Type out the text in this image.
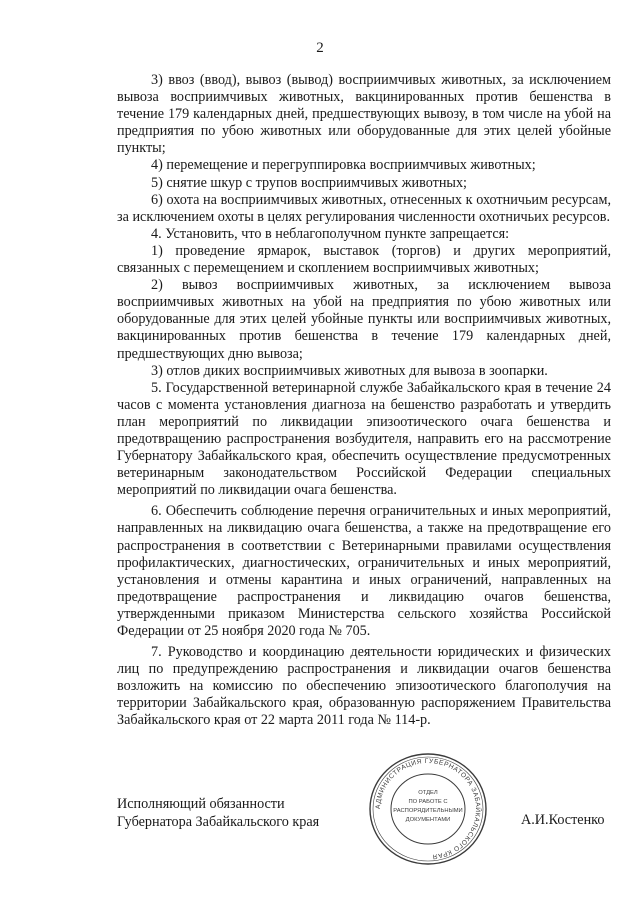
2

3) ввоз (ввод), вывоз (вывод) восприимчивых животных, за исключением вывоза восприимчивых животных, вакцинированных против бешенства в течение 179 календарных дней, предшествующих вывозу, в том числе на убой на предприятия по убою животных или оборудованные для этих целей убойные пункты;

4) перемещение и перегруппировка восприимчивых животных;

5) снятие шкур с трупов восприимчивых животных;

6) охота на восприимчивых животных, отнесенных к охотничьим ресурсам, за исключением охоты в целях регулирования численности охотничьих ресурсов.

4. Установить, что в неблагополучном пункте запрещается:

1) проведение ярмарок, выставок (торгов) и других мероприятий, связанных с перемещением и скоплением восприимчивых животных;

2) вывоз восприимчивых животных, за исключением вывоза восприимчивых животных на убой на предприятия по убою животных или оборудованные для этих целей убойные пункты или восприимчивых животных, вакцинированных против бешенства в течение 179 календарных дней, предшествующих дню вывоза;

3) отлов диких восприимчивых животных для вывоза в зоопарки.

5. Государственной ветеринарной службе Забайкальского края в течение 24 часов с момента установления диагноза на бешенство разработать и утвердить план мероприятий по ликвидации эпизоотического очага бешенства и предотвращению распространения возбудителя, направить его на рассмотрение Губернатору Забайкальского края, обеспечить осуществление предусмотренных ветеринарным законодательством Российской Федерации специальных мероприятий по ликвидации очага бешенства.

6. Обеспечить соблюдение перечня ограничительных и иных мероприятий, направленных на ликвидацию очага бешенства, а также на предотвращение его распространения в соответствии с Ветеринарными правилами осуществления профилактических, диагностических, ограничительных и иных мероприятий, установления и отмены карантина и иных ограничений, направленных на предотвращение распространения и ликвидацию очагов бешенства, утвержденными приказом Министерства сельского хозяйства Российской Федерации от 25 ноября 2020 года № 705.

7. Руководство и координацию деятельности юридических и физических лиц по предупреждению распространения и ликвидации очагов бешенства возложить на комиссию по обеспечению эпизоотического благополучия на территории Забайкальского края, образованную распоряжением Правительства Забайкальского края от 22 марта 2011 года № 114-р.

Исполняющий обязанности
Губернатора Забайкальского края	А.И.Костенко
АДМИНИСТРАЦИЯ ГУБЕРНАТОРА ЗАБАЙКАЛЬСКОГО КРАЯ
ОТДЕЛ
ПО РАБОТЕ С
РАСПОРЯДИТЕЛЬНЫМИ
ДОКУМЕНТАМИ
